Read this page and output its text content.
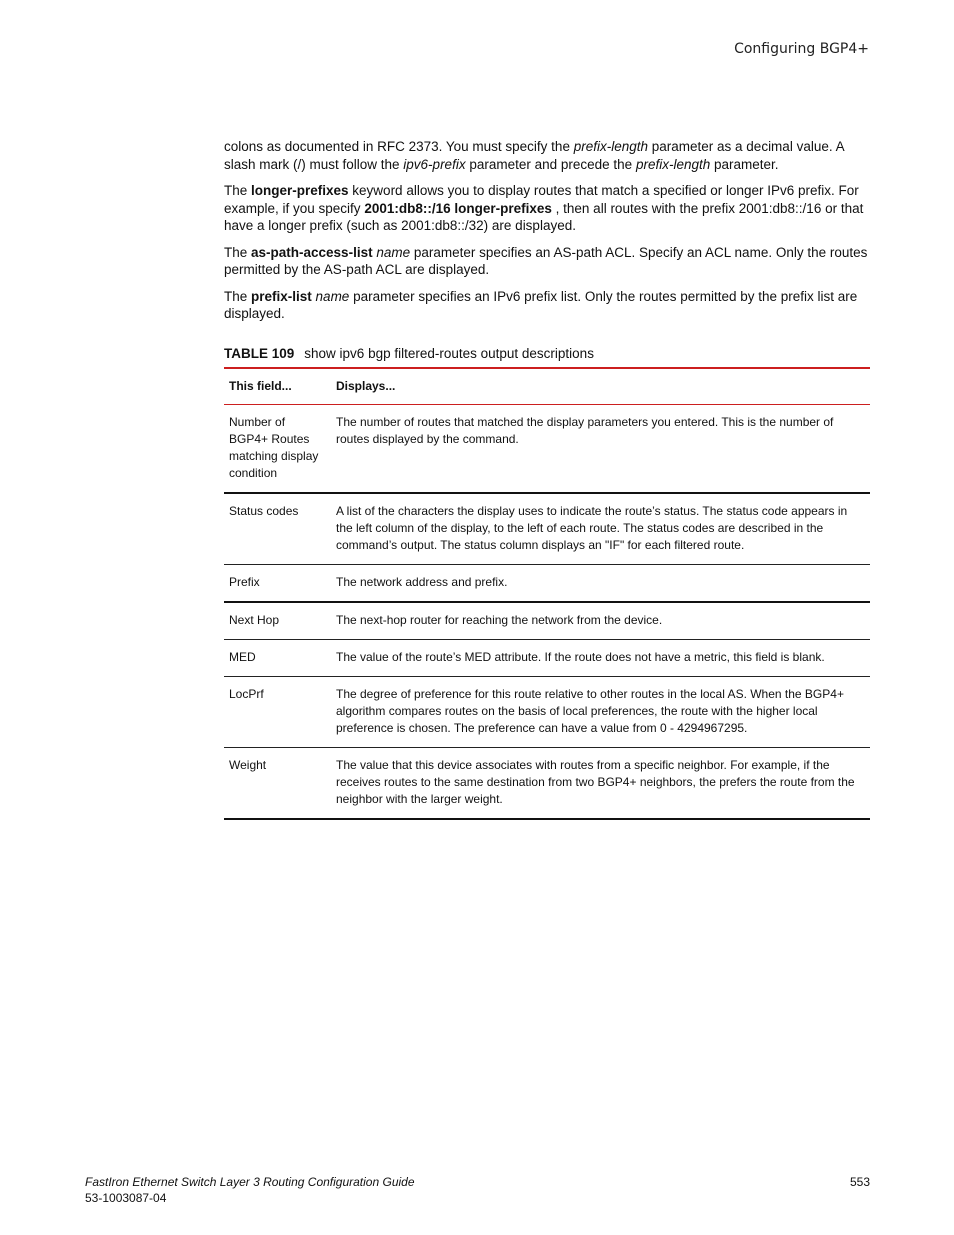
Configuring BGP4+

colons as documented in RFC 2373. You must specify the prefix-length parameter as a decimal value. A slash mark (/) must follow the ipv6-prefix parameter and precede the prefix-length parameter.

The longer-prefixes keyword allows you to display routes that match a specified or longer IPv6 prefix. For example, if you specify 2001:db8::/16 longer-prefixes , then all routes with the prefix 2001:db8::/16 or that have a longer prefix (such as 2001:db8::/32) are displayed.

The as-path-access-list name parameter specifies an AS-path ACL. Specify an ACL name. Only the routes permitted by the AS-path ACL are displayed.

The prefix-list name parameter specifies an IPv6 prefix list. Only the routes permitted by the prefix list are displayed.

TABLE 109 show ipv6 bgp filtered-routes output descriptions
This field...	Displays...
Number of BGP4+ Routes matching display condition	The number of routes that matched the display parameters you entered. This is the number of routes displayed by the command.
Status codes	A list of the characters the display uses to indicate the route’s status. The status code appears in the left column of the display, to the left of each route. The status codes are described in the command’s output. The status column displays an "IF" for each filtered route.
Prefix	The network address and prefix.
Next Hop	The next-hop router for reaching the network from the device.
MED	The value of the route’s MED attribute. If the route does not have a metric, this field is blank.
LocPrf	The degree of preference for this route relative to other routes in the local AS. When the BGP4+ algorithm compares routes on the basis of local preferences, the route with the higher local preference is chosen. The preference can have a value from 0 - 4294967295.
Weight	The value that this device associates with routes from a specific neighbor. For example, if the receives routes to the same destination from two BGP4+ neighbors, the prefers the route from the neighbor with the larger weight.
FastIron Ethernet Switch Layer 3 Routing Configuration Guide
53-1003087-04
553
